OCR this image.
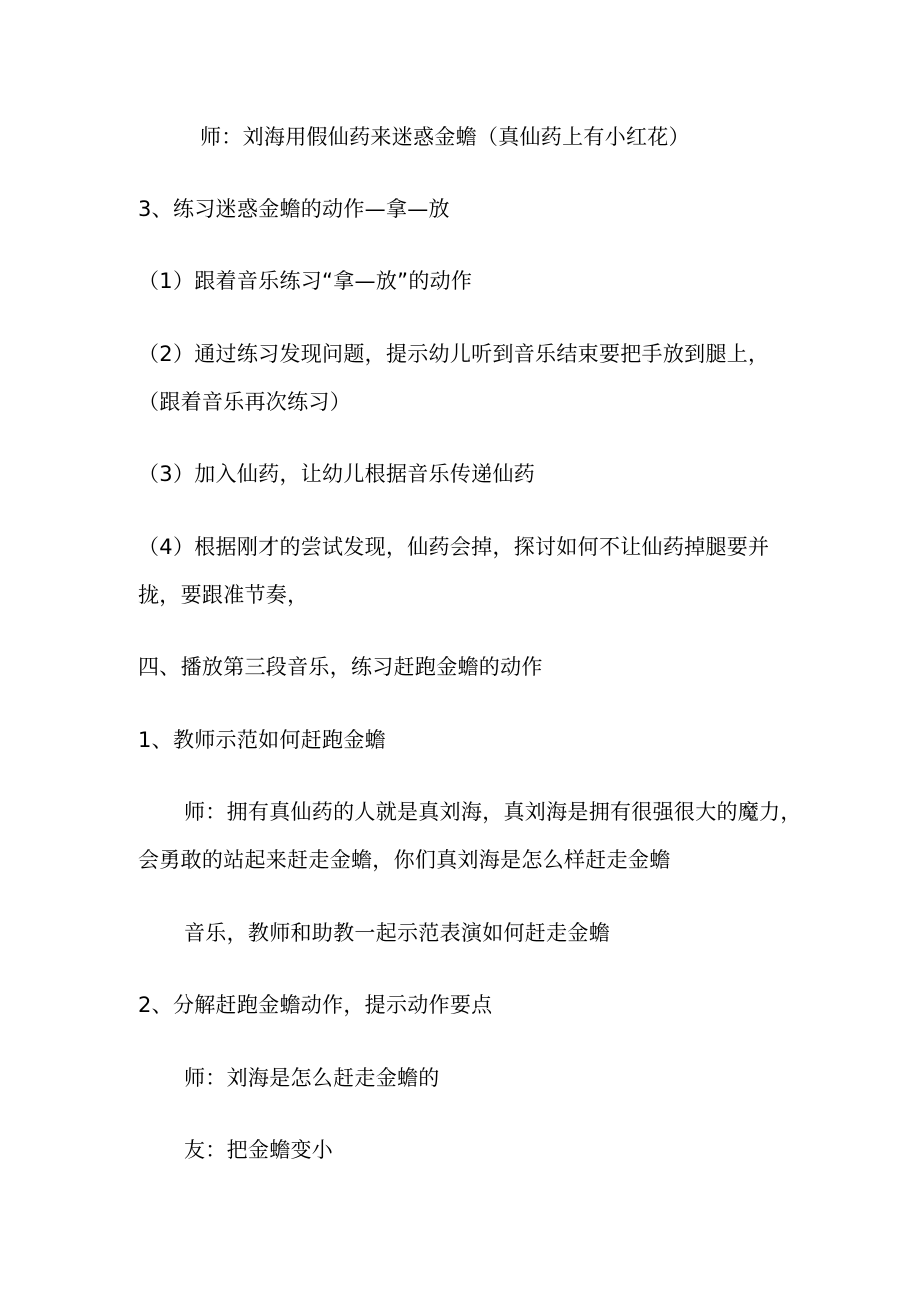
师：刘海用假仙药来迷惑金蟾（真仙药上有小红花）
3、练习迷惑金蟾的动作—拿—放
（1）跟着音乐练习“拿—放”的动作
（2）通过练习发现问题，提示幼儿听到音乐结束要把手放到腿上，
（跟着音乐再次练习）
（3）加入仙药，让幼儿根据音乐传递仙药
（4）根据刚才的尝试发现，仙药会掉，探讨如何不让仙药掉腿要并
拢，要跟准节奏，
四、播放第三段音乐，练习赶跑金蟾的动作
1、教师示范如何赶跑金蟾
师：拥有真仙药的人就是真刘海，真刘海是拥有很强很大的魔力，
会勇敢的站起来赶走金蟾，你们真刘海是怎么样赶走金蟾
音乐，教师和助教一起示范表演如何赶走金蟾
2、分解赶跑金蟾动作，提示动作要点
师：刘海是怎么赶走金蟾的
友：把金蟾变小
